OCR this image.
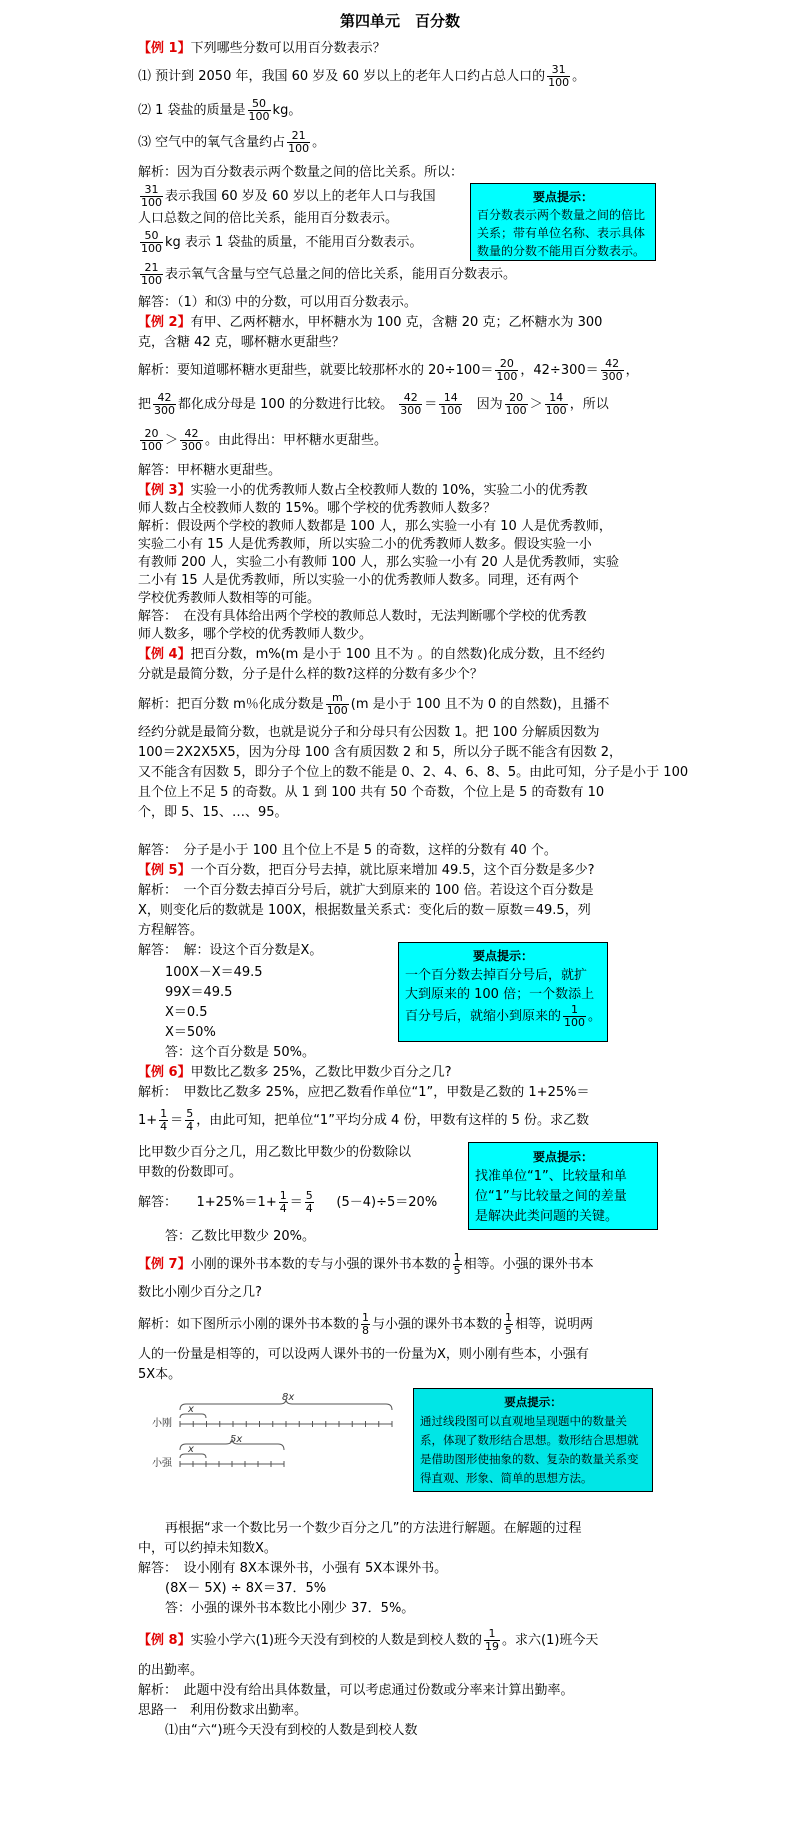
第四单元　百分数
【例 1】下列哪些分数可以用百分数表示？
⑴ 预计到 2050 年，我国 60 岁及 60 岁以上的老年人口约占总人口的 $\frac{31}{100}$ 。
⑵ 1 袋盐的质量是 $\frac{50}{100}$ kg。
⑶ 空气中的氧气含量约占 $\frac{21}{100}$ 。
解析：因为百分数表示两个数量之间的倍比关系。所以：
$\frac{31}{100}$ 表示我国 60 岁及 60 岁以上的老年人口与我国
人口总数之间的倍比关系，能用百分数表示。
$\frac{50}{100}$ kg 表示 1 袋盐的质量，不能用百分数表示。
$\frac{21}{100}$ 表示氧气含量与空气总量之间的倍比关系，能用百分数表示。
解答：（1）和⑶ 中的分数，可以用百分数表示。
要点提示：
百分数表示两个数量之间的倍比关系；带有单位名称、表示具体数量的分数不能用百分数表示。
【例 2】有甲、乙两杯糖水，甲杯糖水为 100 克，含糖 20 克；乙杯糖水为 300
克，含糖 42 克，哪杯糖水更甜些？
解析：要知道哪杯糖水更甜些，就要比较那杯水的 $20\div 100= \frac{20}{100}$ ，$42\div 300= \frac{42}{300}$ ，
把 $\frac{42}{300}$ 都化成分母是 100 的分数进行比较。 $\frac{42}{300} = \frac{14}{100}$ 因为 $\frac{20}{100} > \frac{14}{100}$ ，所以
$\frac{20}{100} > \frac{42}{300}$ 。由此得出：甲杯糖水更甜些。
解答：甲杯糖水更甜些。
【例 3】实验一小的优秀教师人数占全校教师人数的 10%，实验二小的优秀教
师人数占全校教师人数的 15%。哪个学校的优秀教师人数多？
解析：假设两个学校的教师人数都是 100 人，那么实验一小有 10 人是优秀教师，
实验二小有 15 人是优秀教师，所以实验二小的优秀教师人数多。假设实验一小
有教师 200 人，实验二小有教师 100 人，那么实验一小有 20 人是优秀教师，实验
二小有 15 人是优秀教师，所以实验一小的优秀教师人数多。同理，还有两个
学校优秀教师人数相等的可能。
解答：　在没有具体给出两个学校的教师总人数时，无法判断哪个学校的优秀教
师人数多，哪个学校的优秀教师人数少。
【例 4】把百分数，m%(m 是小于 100 且不为 。的自然数)化成分数，且不经约
分就是最简分数，分子是什么样的数?这样的分数有多少个？
解析：把百分数 m％化成分数是 $\frac{m}{100} (m$ 是小于 100 且不为 0 的自然数)，且播不
经约分就是最简分数，也就是说分子和分母只有公因数 1。把 100 分解质因数为
100＝2X2X5X5，因为分母 100 含有质因数 2 和 5，所以分子既不能含有因数 2，
又不能含有因数 5，即分子个位上的数不能是 0、2、4、6、8、5。由此可知，分子是小于 100
且个位上不足 5 的奇数。从 1 到 100 共有 50 个奇数，个位上是 5 的奇数有 10
个，即 5、15、…、95。
解答：　分子是小于 100 且个位上不是 5 的奇数，这样的分数有 40 个。
【例 5】一个百分数，把百分号去掉，就比原来增加 49.5，这个百分数是多少?
解析：　一个百分数去掉百分号后，就扩大到原来的 100 倍。若设这个百分数是
X，则变化后的数就是 100X，根据数量关系式：变化后的数－原数＝49.5，列
方程解答。
解答：　解：设这个百分数是X。
100X－X＝49.5
99X＝49.5
X＝0.5
X＝50%
答：这个百分数是 50%。
要点提示：
一个百分数去掉百分号后，就扩
大到原来的 100 倍；一个数添上
百分号后，就缩小到原来的 $\frac{1}{100}$ 。
【例 6】甲数比乙数多 25%，乙数比甲数少百分之几?
解析：　甲数比乙数多 25%，应把乙数看作单位“1”，甲数是乙数的 1+25%＝
$1+ \frac{1}{4} = \frac{5}{4}$ ，由此可知，把单位“1”平均分成 4 份，甲数有这样的 5 份。求乙数
比甲数少百分之几，用乙数比甲数少的份数除以
甲数的份数即可。
解答：　　$1+25\%=1+ \frac{1}{4} = \frac{5}{4} (5-4)\div 5=20\%$
答：乙数比甲数少 20%。
要点提示：
找准单位“1”、比较量和单
位“1”与比较量之间的差量
是解决此类问题的关键。
【例 7】小刚的课外书本数的专与小强的课外书本数的 $\frac{1}{5}$ 相等。小强的课外书本
数比小刚少百分之几?
解析：如下图所示小刚的课外书本数的 $\frac{1}{8}$ 与小强的课外书本数的 $\frac{1}{5}$ 相等，说明两
人的一份量是相等的，可以设两人课外书的一份量为X，则小刚有些本，小强有
5X本。
小刚
小强
8x
x
5x
x
要点提示：
通过线段图可以直观地呈现题中的数量关系，体现了数形结合思想。数形结合思想就是借助图形使抽象的数、复杂的数量关系变得直观、形象、简单的思想方法。
再根据“求一个数比另一个数少百分之几”的方法进行解题。在解题的过程
中，可以约掉未知数X。
解答：　设小刚有 8X本课外书，小强有 5X本课外书。
(8X－ 5X) ÷ 8X＝37．5%
答：小强的课外书本数比小刚少 37．5%。
【例 8】实验小学六(1)班今天没有到校的人数是到校人数的 $\frac{1}{19}$ 。求六(1)班今天
的出勤率。
解析：　此题中没有给出具体数量，可以考虑通过份数或分率来计算出勤率。
思路一　利用份数求出勤率。
⑴由“六“)班今天没有到校的人数是到校人数
